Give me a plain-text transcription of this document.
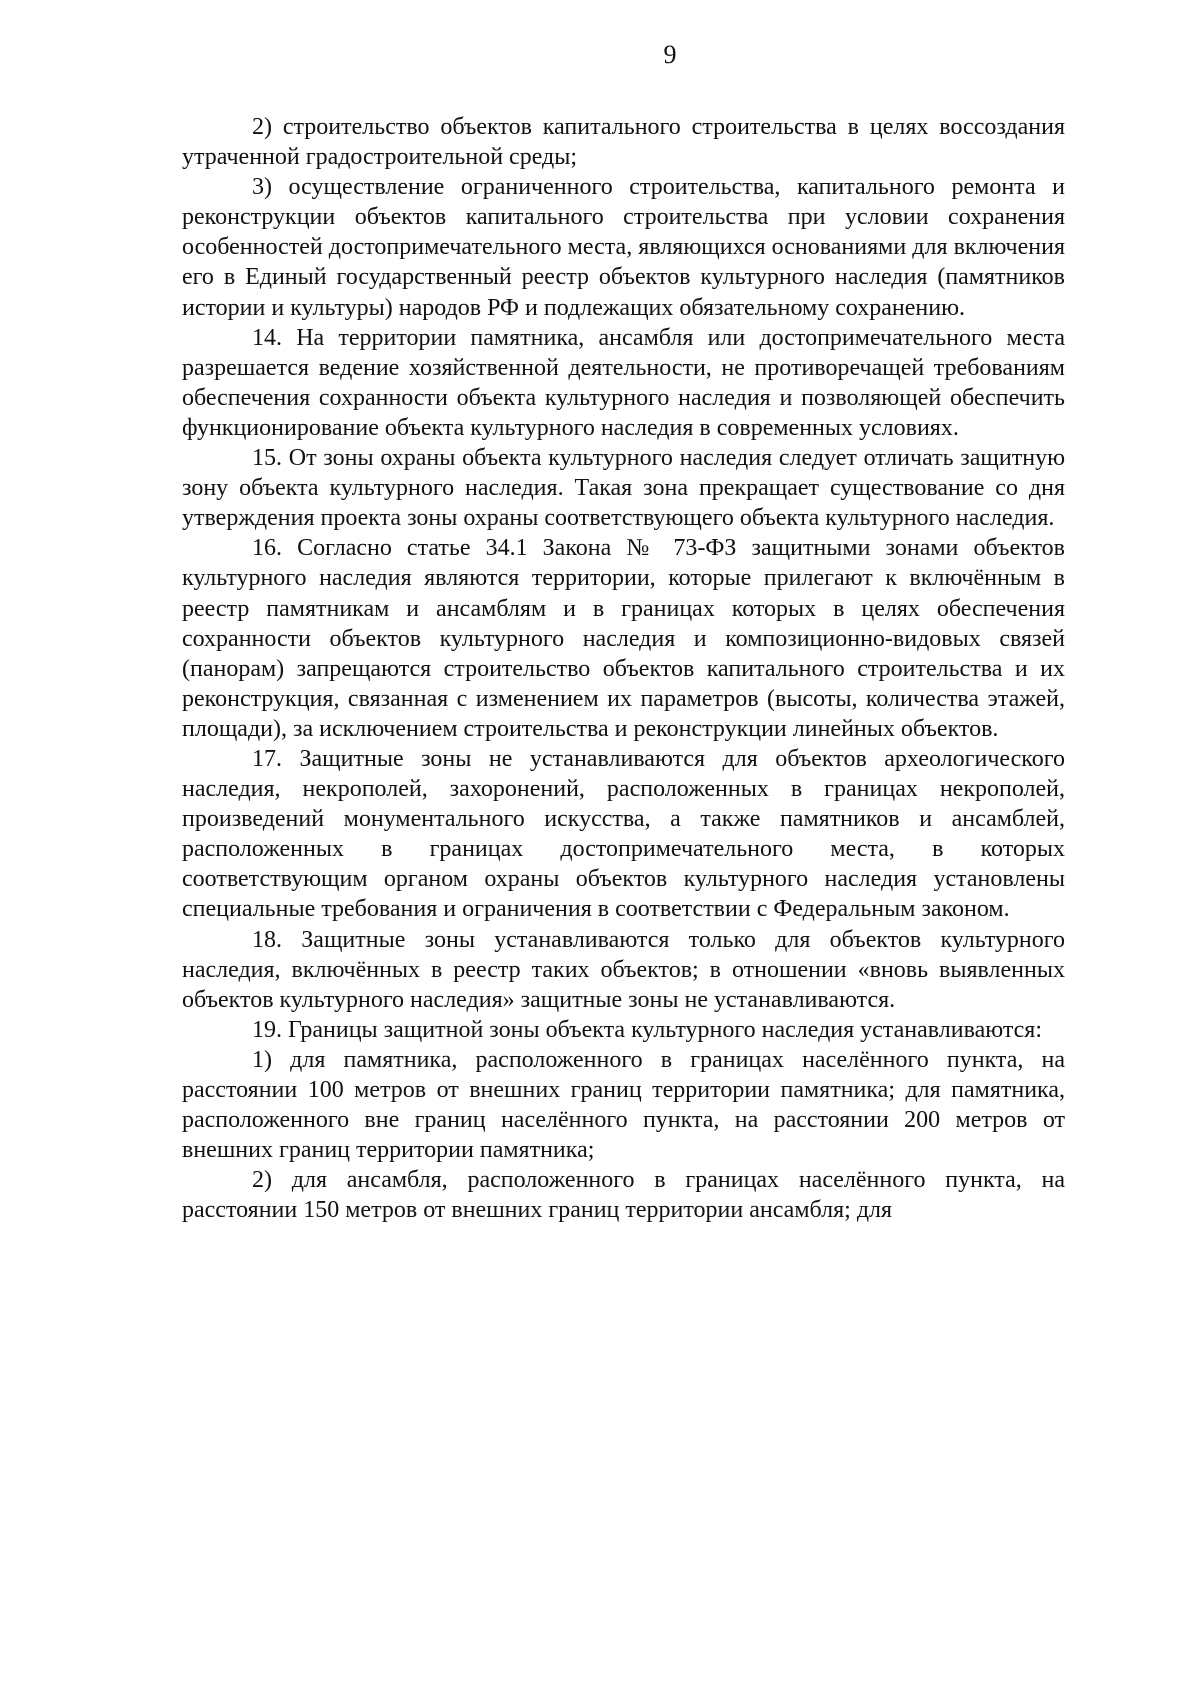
9

2) строительство объектов капитального строительства в целях воссоздания утраченной градостроительной среды;

3) осуществление ограниченного строительства, капитального ремонта и реконструкции объектов капитального строительства при условии сохранения особенностей достопримечательного места, являющихся основаниями для включения его в Единый государственный реестр объектов культурного наследия (памятников истории и культуры) народов РФ и подлежащих обязательному сохранению.

14. На территории памятника, ансамбля или достопримечательного места разрешается ведение хозяйственной деятельности, не противоречащей требованиям обеспечения сохранности объекта культурного наследия и позволяющей обеспечить функционирование объекта культурного наследия в современных условиях.

15. От зоны охраны объекта культурного наследия следует отличать защитную зону объекта культурного наследия. Такая зона прекращает существование со дня утверждения проекта зоны охраны соответствующего объекта культурного наследия.

16. Согласно статье 34.1 Закона № 73-ФЗ защитными зонами объектов культурного наследия являются территории, которые прилегают к включённым в реестр памятникам и ансамблям и в границах которых в целях обеспечения сохранности объектов культурного наследия и композиционно-видовых связей (панорам) запрещаются строительство объектов капитального строительства и их реконструкция, связанная с изменением их параметров (высоты, количества этажей, площади), за исключением строительства и реконструкции линейных объектов.

17. Защитные зоны не устанавливаются для объектов археологического наследия, некрополей, захоронений, расположенных в границах некрополей, произведений монументального искусства, а также памятников и ансамблей, расположенных в границах достопримечательного места, в которых соответствующим органом охраны объектов культурного наследия установлены специальные требования и ограничения в соответствии с Федеральным законом.

18. Защитные зоны устанавливаются только для объектов культурного наследия, включённых в реестр таких объектов; в отношении «вновь выявленных объектов культурного наследия» защитные зоны не устанавливаются.

19. Границы защитной зоны объекта культурного наследия устанавливаются:

1) для памятника, расположенного в границах населённого пункта, на расстоянии 100 метров от внешних границ территории памятника; для памятника, расположенного вне границ населённого пункта, на расстоянии 200 метров от внешних границ территории памятника;

2) для ансамбля, расположенного в границах населённого пункта, на расстоянии 150 метров от внешних границ территории ансамбля; для
